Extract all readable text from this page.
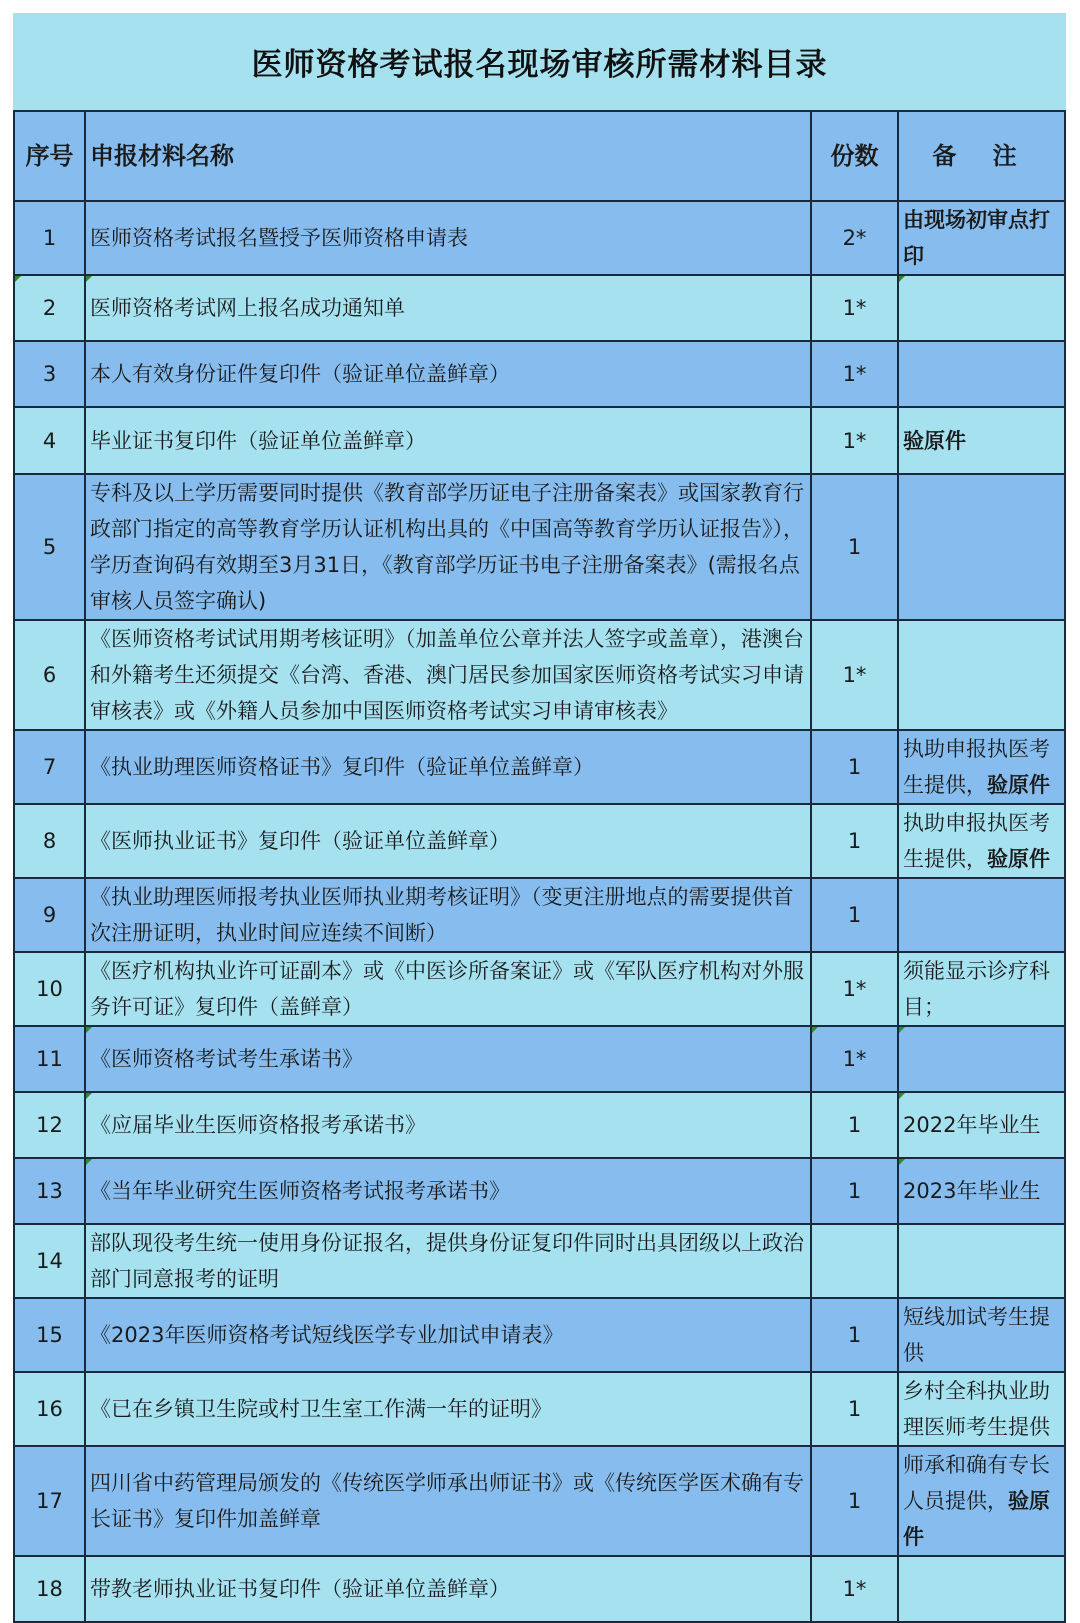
医师资格考试报名现场审核所需材料目录
序号	申报材料名称	份数	备 注
1	医师资格考试报名暨授予医师资格申请表	2*	由现场初审点打印
2	医师资格考试网上报名成功通知单	1*	
3	本人有效身份证件复印件（验证单位盖鲜章）	1*	
4	毕业证书复印件（验证单位盖鲜章）	1*	验原件
5	专科及以上学历需要同时提供《教育部学历证电子注册备案表》或国家教育行政部门指定的高等教育学历认证机构出具的《中国高等教育学历认证报告》），学历查询码有效期至3月31日，《教育部学历证书电子注册备案表》(需报名点审核人员签字确认)	1	
6	《医师资格考试试用期考核证明》（加盖单位公章并法人签字或盖章），港澳台和外籍考生还须提交《台湾、香港、澳门居民参加国家医师资格考试实习申请审核表》或《外籍人员参加中国医师资格考试实习申请审核表》	1*	
7	《执业助理医师资格证书》复印件（验证单位盖鲜章）	1	执助申报执医考生提供，验原件
8	《医师执业证书》复印件（验证单位盖鲜章）	1	执助申报执医考生提供，验原件
9	《执业助理医师报考执业医师执业期考核证明》（变更注册地点的需要提供首次注册证明，执业时间应连续不间断）	1	
10	《医疗机构执业许可证副本》或《中医诊所备案证》或《军队医疗机构对外服务许可证》复印件（盖鲜章）	1*	须能显示诊疗科目；
11	《医师资格考试考生承诺书》	1*	
12	《应届毕业生医师资格报考承诺书》	1	2022年毕业生
13	《当年毕业研究生医师资格考试报考承诺书》	1	2023年毕业生
14	部队现役考生统一使用身份证报名，提供身份证复印件同时出具团级以上政治部门同意报考的证明		
15	《2023年医师资格考试短线医学专业加试申请表》	1	短线加试考生提供
16	《已在乡镇卫生院或村卫生室工作满一年的证明》	1	乡村全科执业助理医师考生提供
17	四川省中药管理局颁发的《传统医学师承出师证书》或《传统医学医术确有专长证书》复印件加盖鲜章	1	师承和确有专长人员提供，验原件
18	带教老师执业证书复印件（验证单位盖鲜章）	1*	
